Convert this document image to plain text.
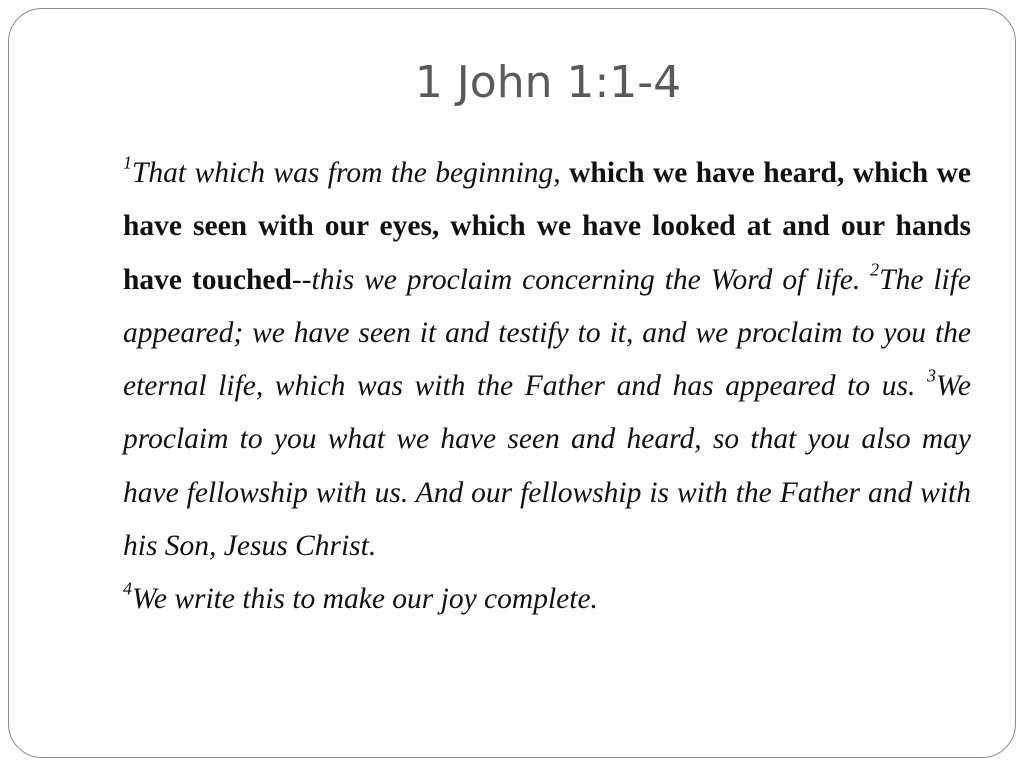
1 John 1:1-4

$^1$That which was from the beginning, which we have heard, which we have seen with our eyes, which we have looked at and our hands have touched--this we proclaim concerning the Word of life. $^2$The life appeared; we have seen it and testify to it, and we proclaim to you the eternal life, which was with the Father and has appeared to us. $^3$We proclaim to you what we have seen and heard, so that you also may have fellowship with us. And our fellowship is with the Father and with his Son, Jesus Christ.
$^4$We write this to make our joy complete.
